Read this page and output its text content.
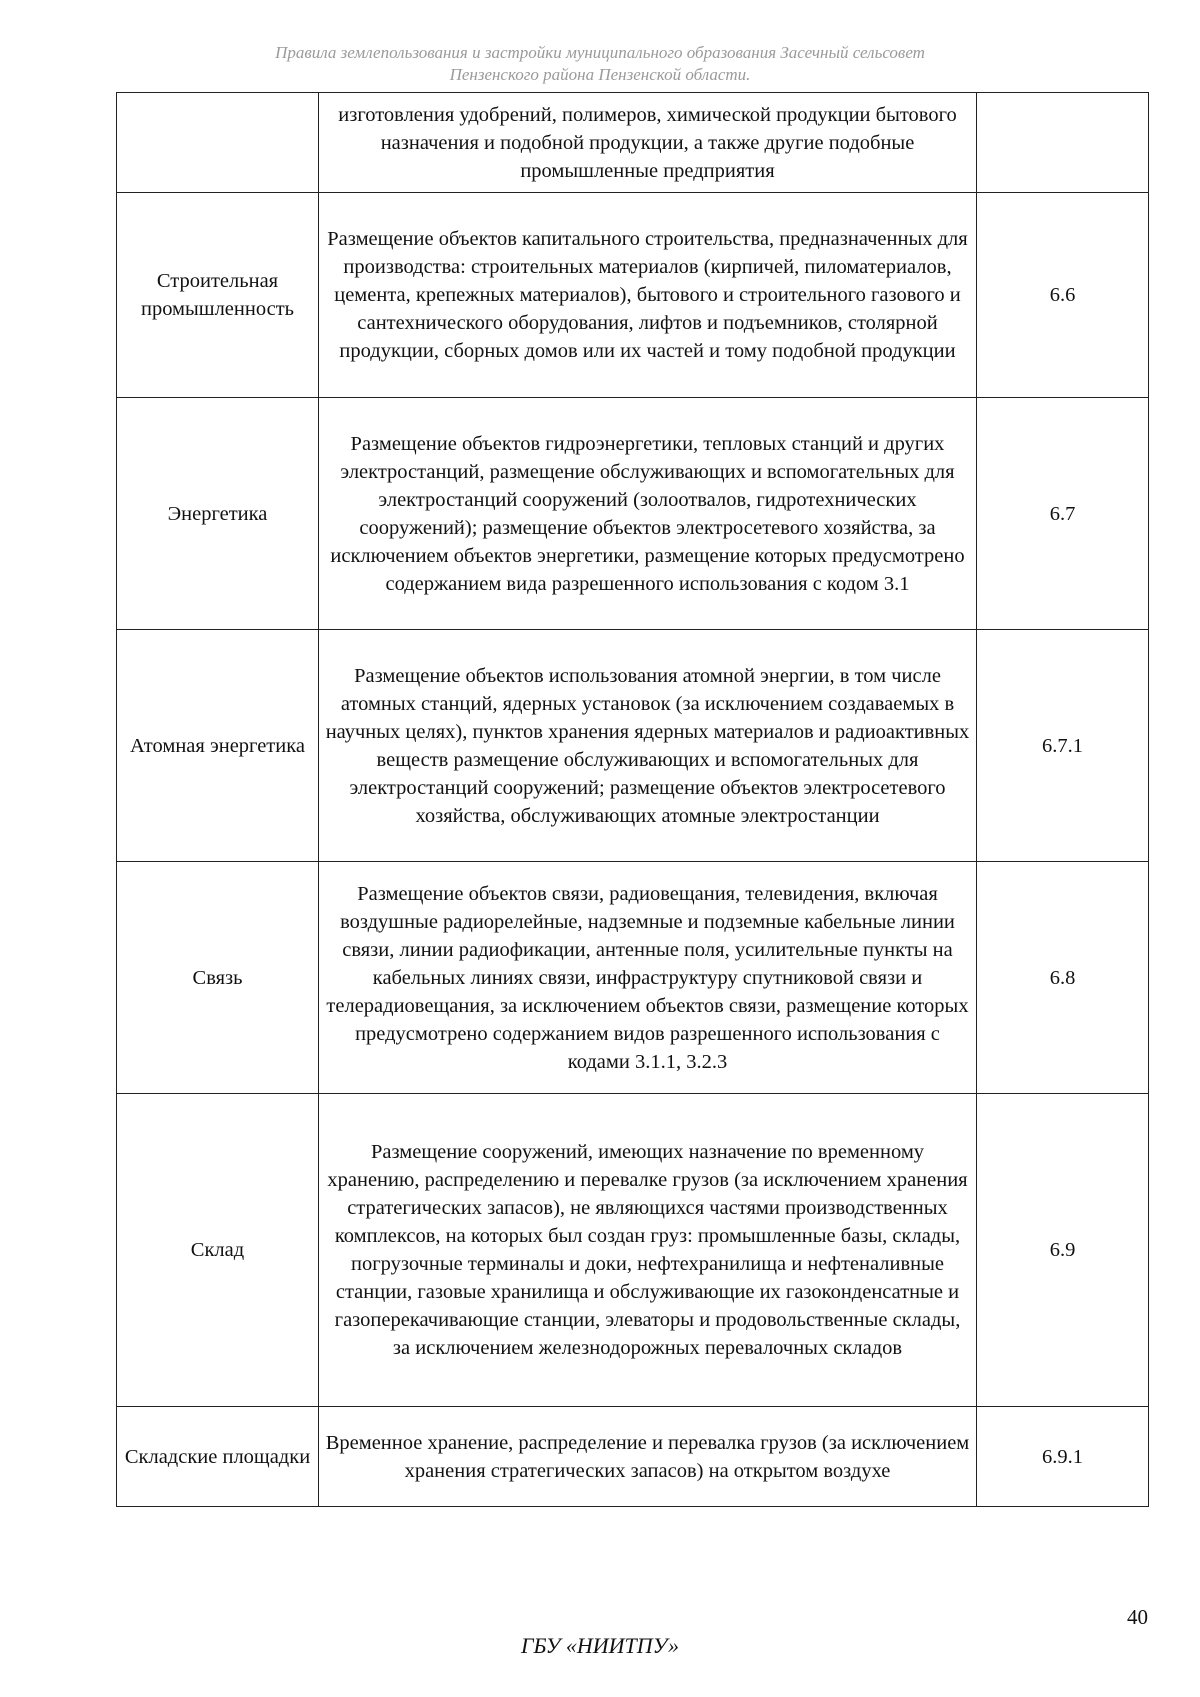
Правила землепользования и застройки муниципального образования Засечный сельсовет
Пензенского района Пензенской области.
	изготовления удобрений, полимеров, химической продукции бытового назначения и подобной продукции, а также другие подобные промышленные предприятия	
Строительная промышленность	Размещение объектов капитального строительства, предназначенных для производства: строительных материалов (кирпичей, пиломатериалов, цемента, крепежных материалов), бытового и строительного газового и сантехнического оборудования, лифтов и подъемников, столярной продукции, сборных домов или их частей и тому подобной продукции	6.6
Энергетика	Размещение объектов гидроэнергетики, тепловых станций и других электростанций, размещение обслуживающих и вспомогательных для электростанций сооружений (золоотвалов, гидротехнических сооружений); размещение объектов электросетевого хозяйства, за исключением объектов энергетики, размещение которых предусмотрено содержанием вида разрешенного использования с кодом 3.1	6.7
Атомная энергетика	Размещение объектов использования атомной энергии, в том числе атомных станций, ядерных установок (за исключением создаваемых в научных целях), пунктов хранения ядерных материалов и радиоактивных веществ размещение обслуживающих и вспомогательных для электростанций сооружений; размещение объектов электросетевого хозяйства, обслуживающих атомные электростанции	6.7.1
Связь	Размещение объектов связи, радиовещания, телевидения, включая воздушные радиорелейные, надземные и подземные кабельные линии связи, линии радиофикации, антенные поля, усилительные пункты на кабельных линиях связи, инфраструктуру спутниковой связи и телерадиовещания, за исключением объектов связи, размещение которых предусмотрено содержанием видов разрешенного использования с кодами 3.1.1, 3.2.3	6.8
Склад	Размещение сооружений, имеющих назначение по временному хранению, распределению и перевалке грузов (за исключением хранения стратегических запасов), не являющихся частями производственных комплексов, на которых был создан груз: промышленные базы, склады, погрузочные терминалы и доки, нефтехранилища и нефтеналивные станции, газовые хранилища и обслуживающие их газоконденсатные и газоперекачивающие станции, элеваторы и продовольственные склады, за исключением железнодорожных перевалочных складов	6.9
Складские площадки	Временное хранение, распределение и перевалка грузов (за исключением хранения стратегических запасов) на открытом воздухе	6.9.1
40
ГБУ «НИИТПУ»
